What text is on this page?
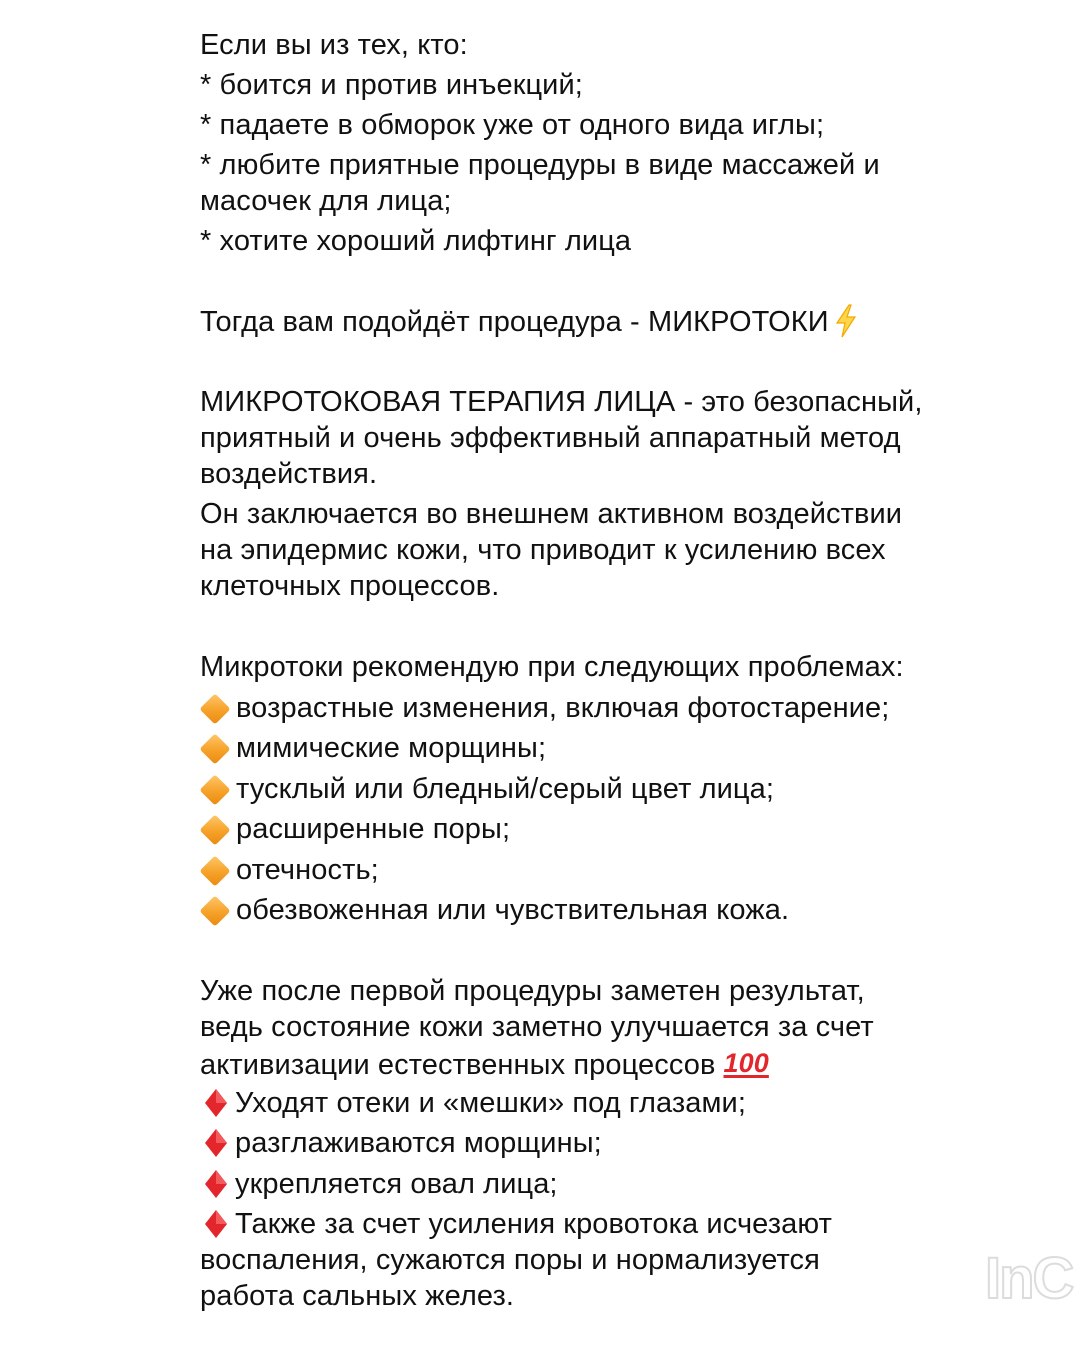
Если вы из тех, кто:

* боится и против инъекций;

* падаете в обморок уже от одного вида иглы;

* любите приятные процедуры в виде массажей и

масочек для лица;

* хотите хороший лифтинг лица

Тогда вам подойдёт процедура - МИКРОТОКИ

МИКРОТОКОВАЯ ТЕРАПИЯ ЛИЦА - это безопасный,

приятный и очень эффективный аппаратный метод

воздействия.

Он заключается во внешнем активном воздействии

на эпидермис кожи, что приводит к усилению всех

клеточных процессов.

Микротоки рекомендую при следующих проблемах:

возрастные изменения, включая фотостарение;

мимические морщины;

тусклый или бледный/серый цвет лица;

расширенные поры;

отечность;

обезвоженная или чувствительная кожа.

Уже после первой процедуры заметен результат,

ведь состояние кожи заметно улучшается за счет

активизации естественных процессов 100

Уходят отеки и «мешки» под глазами;

разглаживаются морщины;

укрепляется овал лица;

Также за счет усиления кровотока исчезают

воспаления, сужаются поры и нормализуется

работа сальных желез.	InC
